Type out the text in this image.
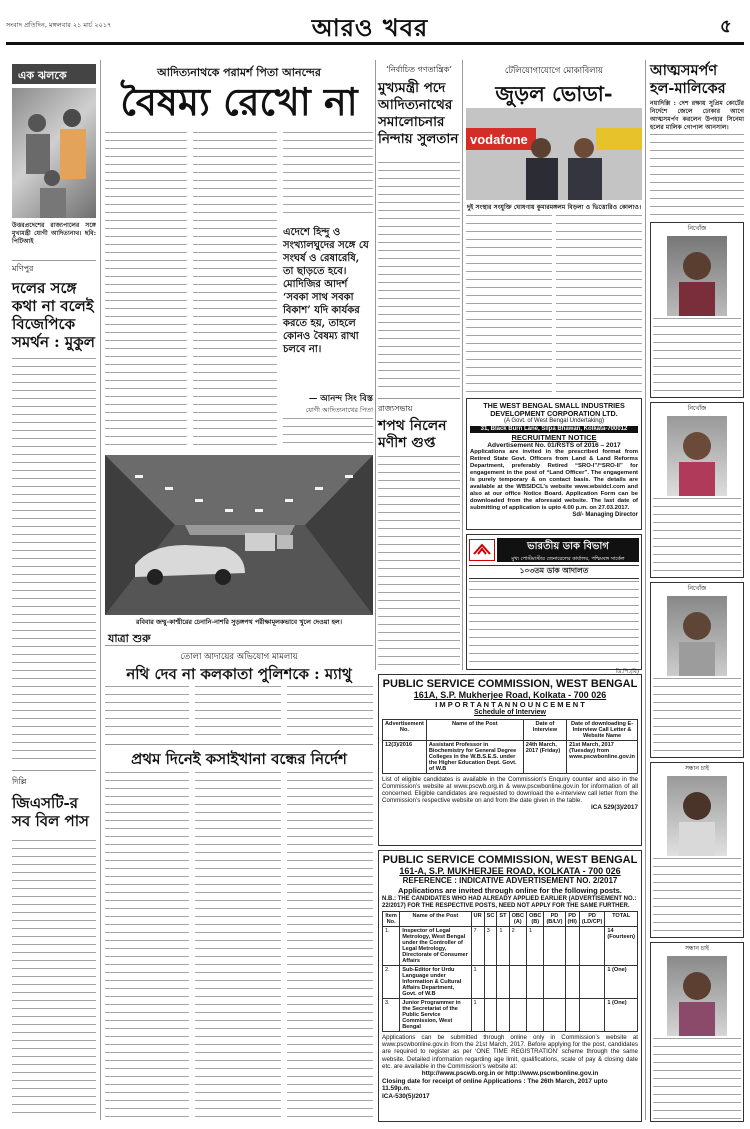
সংবাদ প্রতিদিন, মঙ্গলবার ২১ মার্চ ২০১৭	আরও খবর	৫
এক ঝলকে
উত্তরপ্রদেশের রাজ্যপালের সঙ্গে মুখ্যমন্ত্রী যোগী আদিত্যনাথ। ছবি: পিটিআই
মণিপুর
দলের সঙ্গে কথা না বলেই বিজেপিকে সমর্থন : মুকুল
দিল্লি
জিএসটি-র সব বিল পাস
আদিত্যনাথকে পরামর্শ পিতা আনন্দের
বৈষম্য রেখো না
এদেশে হিন্দু ও সংখ্যালঘুদের সঙ্গে যে সংঘর্ষ ও রেষারেষি, তা ছাড়তে হবে। মোদিজির আদর্শ ‘সবকা সাথ সবকা বিকাশ’ যদি কার্যকর করতে হয়, তাহলে কোনও বৈষম্য রাখা চলবে না।
— আনন্দ সিং বিস্ত
যোগী আদিত্যনাথের পিতা
রবিবার জম্মু-কাশ্মীরের চেনানি-নাশরি সুড়ঙ্গপথ পরীক্ষামূলকভাবে খুলে দেওয়া হল।
যাত্রা শুরু
তোলা আদায়ের অভিযোগ মামলায়
নথি দেব না কলকাতা পুলিশকে : ম্যাথু
প্রথম দিনেই কসাইখানা বন্ধের নির্দেশ
‘নির্বাচিত গণতান্ত্রিক’
মুখ্যমন্ত্রী পদে আদিত্যনাথের সমালোচনার নিন্দায় সুলতান
রাজ্যসভায়
শপথ নিলেন মণীশ গুপ্ত
টেলিযোগাযোগে মোকাবিলায়
জুড়ল ভোডা-
vodafone
দুই সংস্থার সংযুক্তি ঘোষণায় কুমারমঙ্গলম বিড়লা ও ভিত্তোরিও কোলাও।
THE WEST BENGAL SMALL INDUSTRIES DEVELOPMENT CORPORATION LTD.
(A Govt. of West Bengal Undertaking)
31, Black Burn Lane, Silpa Bhawan, Kolkata-700012
RECRUITMENT NOTICE
Advertisement No. 01/RSTS of 2016 – 2017
Applications are invited in the prescribed format from Retired State Govt. Officers from Land & Land Reforms Department, preferably Retired “SRO-I”/“SRO-II” for engagement in the post of “Land Officer”. The engagement is purely temporary & on contact basis. The details are available at the WBSIDCL’s website www.wbsidcl.com and also at our office Notice Board. Application Form can be downloaded from the aforesaid website. The last date of submitting of application is upto 4.00 p.m. on 27.03.2017.
Sd/- Managing Director
ভারতীয় ডাক বিভাগ
মুখ্য পোস্টমাস্টার জেনারেলের কার্যালয়, পশ্চিমবঙ্গ সার্কেল
১০৩তম ডাক আদালত
ডি.পি.(বি)
PUBLIC SERVICE COMMISSION, WEST BENGAL
161A, S.P. Mukherjee Road, Kolkata - 700 026
I M P O R T A N T A N N O U N C E M E N T
Schedule of Interview
Advertisement No.	Name of the Post	Date of Interview	Date of downloading E-Interview Call Letter & Website Name
12(3)/2016	Assistant Professor in Biochemistry for General Degree Colleges in the W.B.S.E.S. under the Higher Education Dept. Govt. of W.B	24th March, 2017 (Friday)	21st March, 2017 (Tuesday) from www.pscwbonline.gov.in
List of eligible candidates is available in the Commission’s Enquiry counter and also in the Commission’s website at www.pscwb.org.in & www.pscwbonline.gov.in for information of all concerned. Eligible candidates are requested to download the e-interview call letter from the Commission’s respective website on and from the date given in the table.
ICA 529(3)/2017
PUBLIC SERVICE COMMISSION, WEST BENGAL
161-A, S.P. MUKHERJEE ROAD, KOLKATA - 700 026
REFERENCE : INDICATIVE ADVERTISEMENT NO. 2/2017
Applications are invited through online for the following posts.
N.B.: THE CANDIDATES WHO HAD ALREADY APPLIED EARLIER (ADVERTISEMENT NO.: 22/2017) FOR THE RESPECTIVE POSTS, NEED NOT APPLY FOR THE SAME FURTHER.
Item No.	Name of the Post	UR	SC	ST	OBC (A)	OBC (B)	PD (B/LV)	PD (HI)	PD (LD/CP)	TOTAL
1.	Inspector of Legal Metrology, West Bengal under the Controller of Legal Metrology, Directorate of Consumer Affairs	7	3	1	2	1				14 (Fourteen)
2.	Sub-Editor for Urdu Language under Information & Cultural Affairs Department, Govt. of W.B	1								1 (One)
3.	Junior Programmer in the Secretariat of the Public Service Commission, West Bengal	1								1 (One)
Applications can be submitted through online only in Commission’s website at www.pscwbonline.gov.in from the 21st March, 2017. Before applying for the post, candidates are required to register as per ‘ONE TIME REGISTRATION’ scheme through the same website. Detailed information regarding age limit, qualifications, scale of pay & closing date etc. are available in the Commission’s website at:
http://www.pscwb.org.in or http://www.pscwbonline.gov.in
Closing date for receipt of online Applications : The 26th March, 2017 upto 11.59p.m.
ICA-530(5)/2017
আত্মসমর্পণ হল-মালিকের
নয়াদিল্লি : দেশ রক্ষায় সুপ্রিম কোর্টের নির্দেশে জেলে ঢোকার আগে আত্মসমর্পণ করলেন উপহার সিনেমা হলের মালিক গোপাল আনসাল।
নিখোঁজ
নিখোঁজ
নিখোঁজ
সন্ধান চাই
সন্ধান চাই
